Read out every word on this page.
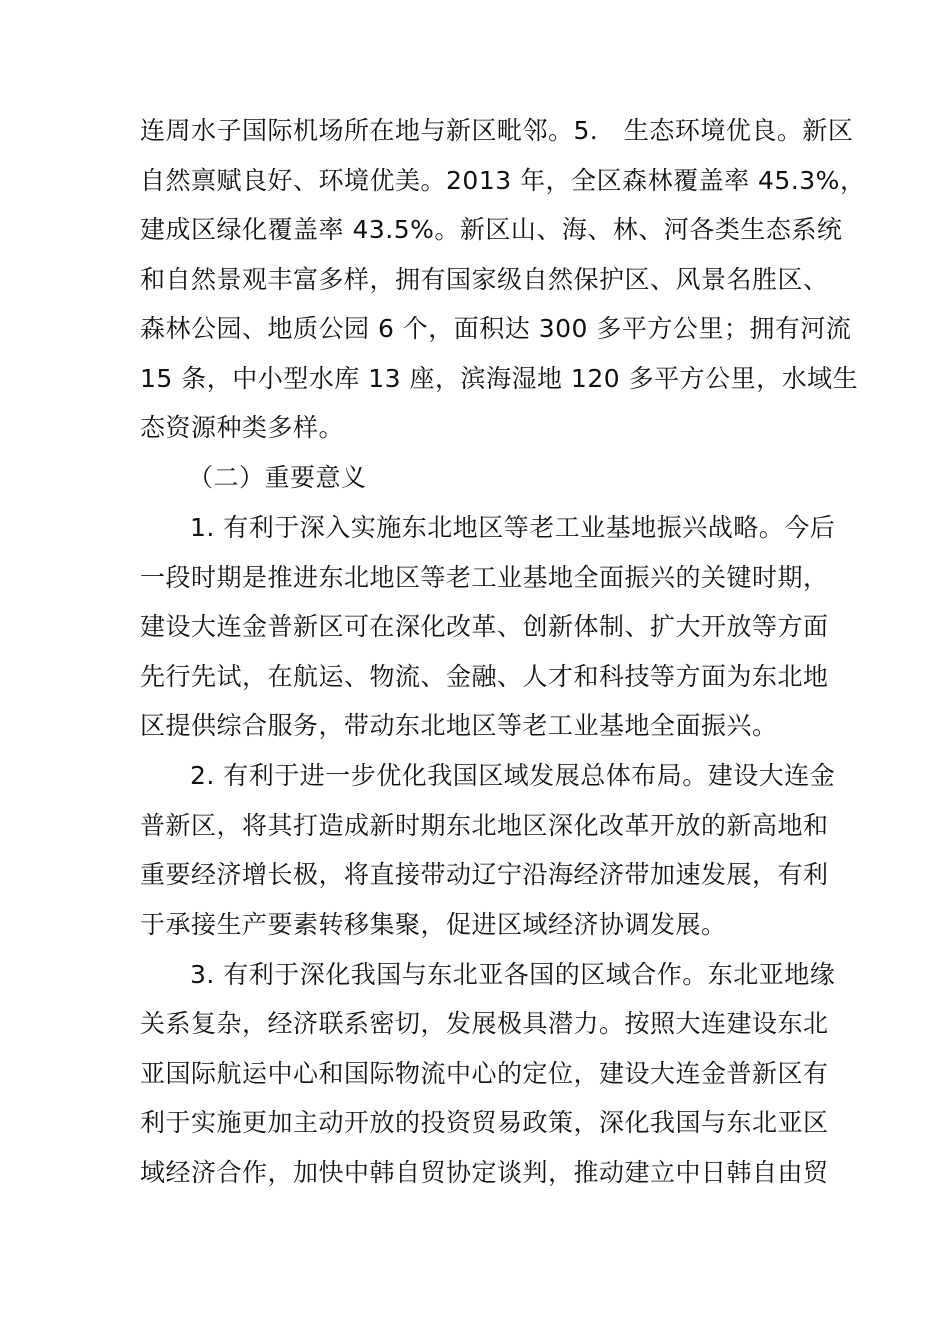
连周水子国际机场所在地与新区毗邻。5． 生态环境优良。新区
自然禀赋良好、环境优美。2013 年，全区森林覆盖率 45.3%，
建成区绿化覆盖率 43.5%。新区山、海、林、河各类生态系统
和自然景观丰富多样，拥有国家级自然保护区、风景名胜区、
森林公园、地质公园 6 个，面积达 300 多平方公里；拥有河流
15 条，中小型水库 13 座，滨海湿地 120 多平方公里，水域生
态资源种类多样。
（二）重要意义
1. 有利于深入实施东北地区等老工业基地振兴战略。今后
一段时期是推进东北地区等老工业基地全面振兴的关键时期，
建设大连金普新区可在深化改革、创新体制、扩大开放等方面
先行先试，在航运、物流、金融、人才和科技等方面为东北地
区提供综合服务，带动东北地区等老工业基地全面振兴。
2. 有利于进一步优化我国区域发展总体布局。建设大连金
普新区，将其打造成新时期东北地区深化改革开放的新高地和
重要经济增长极，将直接带动辽宁沿海经济带加速发展，有利
于承接生产要素转移集聚，促进区域经济协调发展。
3. 有利于深化我国与东北亚各国的区域合作。东北亚地缘
关系复杂，经济联系密切，发展极具潜力。按照大连建设东北
亚国际航运中心和国际物流中心的定位，建设大连金普新区有
利于实施更加主动开放的投资贸易政策，深化我国与东北亚区
域经济合作，加快中韩自贸协定谈判，推动建立中日韩自由贸
